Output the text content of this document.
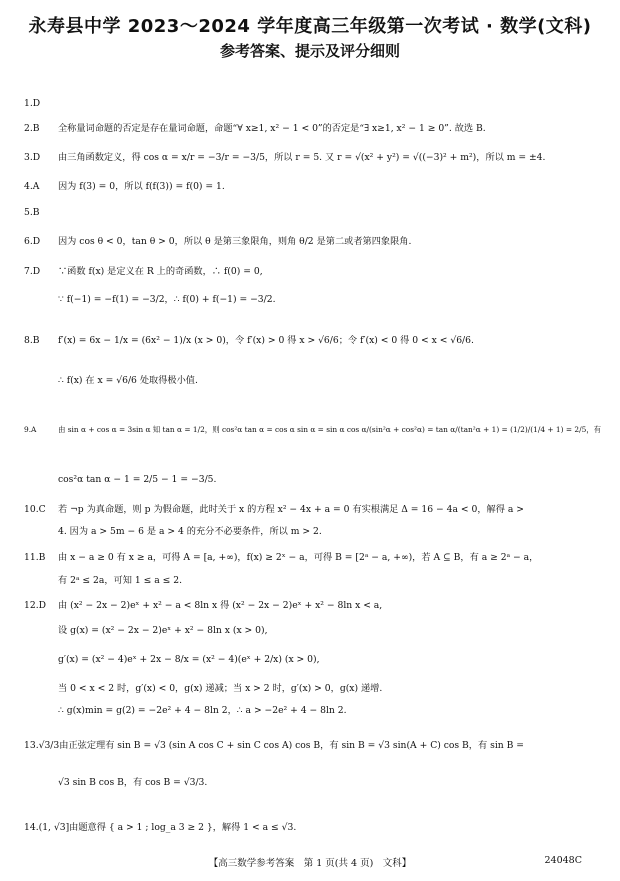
永寿县中学 2023～2024 学年度高三年级第一次考试 · 数学(文科)
参考答案、提示及评分细则
1.D
2.B 全称量词命题的否定是存在量词命题，命题“∀ x≥1, x² − 1 < 0”的否定是“∃ x≥1, x² − 1 ≥ 0”. 故选 B.
3.D 由三角函数定义，得 cos α = x/r = −3/r = −3/5，所以 r = 5. 又 r = √(x² + y²) = √((−3)² + m²)，所以 m = ±4.
4.A 因为 f(3) = 0，所以 f(f(3)) = f(0) = 1.
5.B
6.D 因为 cos θ < 0，tan θ > 0，所以 θ 是第三象限角，则角 θ/2 是第二或者第四象限角.
7.D ∵函数 f(x) 是定义在 R 上的奇函数，∴ f(0) = 0,
∵ f(−1) = −f(1) = −3/2，∴ f(0) + f(−1) = −3/2.
8.B f′(x) = 6x − 1/x = (6x² − 1)/x (x > 0)，令 f′(x) > 0 得 x > √6/6；令 f′(x) < 0 得 0 < x < √6/6.
∴ f(x) 在 x = √6/6 处取得极小值.
9.A	由 sin α + cos α = 3sin α 知 tan α = 1/2，则 cos²α tan α = cos α sin α = sin α cos α/(sin²α + cos²α) = tan α/(tan²α + 1) = (1/2)/(1/4 + 1) = 2/5，有
cos²α tan α − 1 = 2/5 − 1 = −3/5.
10.C 若 ¬p 为真命题，则 p 为假命题，此时关于 x 的方程 x² − 4x + a = 0 有实根满足 Δ = 16 − 4a < 0，解得 a >
4. 因为 a > 5m − 6 是 a > 4 的充分不必要条件，所以 m > 2.
11.B 由 x − a ≥ 0 有 x ≥ a，可得 A = [a, +∞)，f(x) ≥ 2ˣ − a，可得 B = [2ᵃ − a, +∞)，若 A ⊆ B，有 a ≥ 2ᵃ − a，
有 2ᵃ ≤ 2a，可知 1 ≤ a ≤ 2.
12.D 由 (x² − 2x − 2)eˣ + x² − a < 8ln x 得 (x² − 2x − 2)eˣ + x² − 8ln x < a,
设 g(x) = (x² − 2x − 2)eˣ + x² − 8ln x (x > 0),
g′(x) = (x² − 4)eˣ + 2x − 8/x = (x² − 4)(eˣ + 2/x) (x > 0),
当 0 < x < 2 时，g′(x) < 0，g(x) 递减；当 x > 2 时，g′(x) > 0，g(x) 递增.
∴ g(x)min = g(2) = −2e² + 4 − 8ln 2，∴ a > −2e² + 4 − 8ln 2.
13.√3/3由正弦定理有 sin B = √3 (sin A cos C + sin C cos A) cos B，有 sin B = √3 sin(A + C) cos B，有 sin B =
√3 sin B cos B，有 cos B = √3/3.
14.(1, √3]由题意得 { a > 1 ; log_a 3 ≥ 2 }，解得 1 < a ≤ √3.
【高三数学参考答案　第 1 页(共 4 页)　文科】	24048C
